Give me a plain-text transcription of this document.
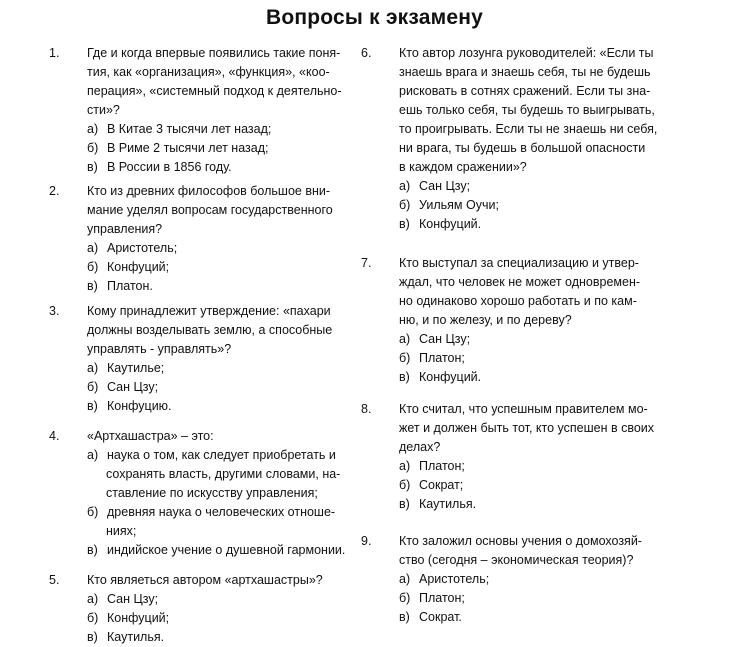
Вопросы к экзамену
1. Где и когда впервые появились такие поня-
тия, как «организация», «функция», «коо-
перация», «системный подход к деятельно-
сти»?
а) В Китае 3 тысячи лет назад;
б) В Риме 2 тысячи лет назад;
в) В России в 1856 году.
2. Кто из древних философов большое вни-
мание уделял вопросам государственного
управления?
а) Аристотель;
б) Конфуций;
в) Платон.
3. Кому принадлежит утверждение: «пахари
должны возделывать землю, а способные
управлять - управлять»?
а) Каутилье;
б) Сан Цзу;
в) Конфуцию.
4. «Артхашастра» – это:
а) наука о том, как следует приобретать и
сохранять власть, другими словами, на-
ставление по искусству управления;
б) древняя наука о человеческих отноше-
ниях;
в) индийское учение о душевной гармонии.
5. Кто являеться автором «артхашастры»?
а) Сан Цзу;
б) Конфуций;
в) Каутилья.
6. Кто автор лозунга руководителей: «Если ты
знаешь врага и знаешь себя, ты не будешь
рисковать в сотнях сражений. Если ты зна-
ешь только себя, ты будешь то выигрывать,
то проигрывать. Если ты не знаешь ни себя,
ни врага, ты будешь в большой опасности
в каждом сражении»?
а) Сан Цзу;
б) Уильям Оучи;
в) Конфуций.
7. Кто выступал за специализацию и утвер-
ждал, что человек не может одновремен-
но одинаково хорошо работать и по кам-
ню, и по железу, и по дереву?
а) Сан Цзу;
б) Платон;
в) Конфуций.
8. Кто считал, что успешным правителем мо-
жет и должен быть тот, кто успешен в своих
делах?
а) Платон;
б) Сократ;
в) Каутилья.
9. Кто заложил основы учения о домохозяй-
ство (сегодня – экономическая теория)?
а) Аристотель;
б) Платон;
в) Сократ.
